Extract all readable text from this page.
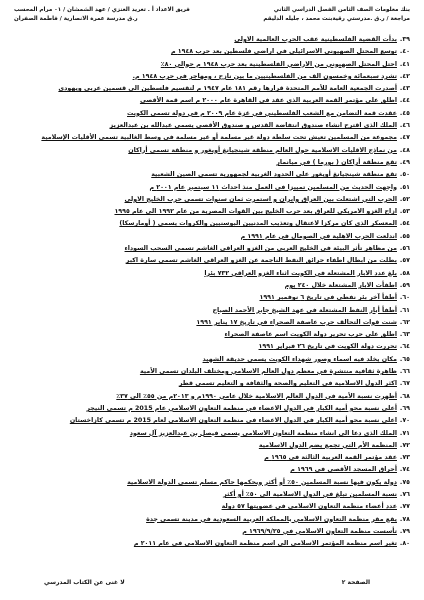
بنك معلومات الصف الثامن الفصل الدراسي الثاني
مراجعة / ر.ق .مدرستي رقيةبنت محمد ، جليله الدليقم
فريق الاعداد أ . تغريد العنزي / عهد الشمشان / ٠١ مرام المحسب
ر.ق مدرسة عمرة الانصارية / فاطمة الصفران
٣٩.بدأت القضية الفلسطينية عقب الحرب العالمية الاولى
٤٠.توسع المحتل الصهيوني الاسرائيلي في اراضي فلسطين بعد حرب ١٩٤٨ م
٤١.احتل المحتل الصهيوني من الاراضي الفلسطينية بعد حرب ١٩٤٨ م حوالي ٨٠٪
٤٢.تشرد سبعمائة وخمسون الف من الفلسطينيين ما بين نازح ، ومهاجر في حرب ١٩٤٨ م.
٤٣.أصدرت الجمعية العامة للأمم المتحدة قرارها رقم ١٨١ عام ١٩٤٧ م لتقسيم فلسطين الى قسمين عربي ويهودي
٤٤.اطلق على مؤتمر القمة العربية الذي عقد في القاهرة عام ٢٠٠٠ م اسم قمة الأقصى
٤٥.عقدت قمة التضامن مع الشعب الفلسطيني في غزة عام ٢٠٠٩ م في دولة تسمى الكويت
٤٦.الملك الذي اقترح انشاء صندوق انتفاضة القدس و صندوق الأقصى يسمى عبدالله بن عبدالعزيز
٤٧.مجموعة من المسلمين تعيش تحت سلطة دولة غير مسلمة أو غير مسلمة في وسط الغالبية تسمى الأقليات الإسلامية
٤٨.من نماذج الاقليات الاسلامية حول العالم منطقة شينجيانغ أويغور و منطقة تسمى أراكان
٤٩.تقع منطقة أراكان ( بورما ) في ميانمار
٥٠.تقع منطقة شينجيانغ أويغور على الحدود الغربية لجمهورية تسمى الصين الشعبية
٥١.واجهت الحديث من المسلمين تمييزا في العمل منذ احداث ١١ سبتمبر عام ٢٠٠١ م
٥٢.الحرب التي اشتعلت بين العراق وايران و استمرت ثمان سنوات تسمى حرب الخليج الاولى
٥٣.ازاح الغزو الامريكي للعراق بعد حرب الخليج بين القوات المصرية من عام ١٩٩٢ الى عام ١٩٩٥
٥٤.المعسكر الذي كان مركزا لاعتقال وتعذيب المدنيين البوسنيين والكروات يسمى ( أومارسكا)
٥٥.اندلعت الحرب الاهلية في الصومال في عام ١٩٩١ م
٥٦.من مظاهر تأثر البيئة في الخليج العربي من الغزو العراقي الغاشم تسمى السحب السوداء
٥٧.بطلت من ابطال اطفاء حرائق النفط الناجمة عن الغزو العراقي الغاشم تسمى سارة اكبر
٥٨.بلغ عدد الابار المشتعلة في الكويت اثناء الغزو العراقي ٧٣٢ بئرا
٥٩.اطفأت الابار المشتعلة خلال ٢٤٠ يوم
٦٠.أطفأ آخر بئر نفطي في تاريخ ٦ نوفمبر ١٩٩١
٦١.أطفأ أبار النفط المشتعلة في عهد الشيخ جابر الأحمد الصباح
٦٢.شنت قوات التحالف حرب عاصفة الصحراء في تاريخ ١٧ يناير ١٩٩١
٦٣.اطلق على حرب تحرير دولة الكويت اسم عاصفة الصحراء
٦٤.تحررت دولة الكويت في تاريخ ٢٦ فبراير ١٩٩١
٦٥.مكان يخلد فيه اسماء وصور شهداء الكويت يسمى حديقة الشهيد
٦٦.ظاهرة ثقافية منتشرة في معظم دول العالم الاسلامي ومختلف البلدان تسمى الأمية
٦٧.اكثر الدول الاسلامية في التعليم والصحة والثقافة و التعليم تسمى قطر
٦٨.أظهرت نسبة الأمية في الدول العالم الاسلامية خلال عامي ١٩٩٠م و ٢٠١٣م من ٥٥٪ الى ٣٧٪
٦٩.أعلى نسبة محو أمية الكبار في الدول الاعضاء في منظمة التعاون الاسلامي عام 2015 م تسمى النيجر
٧٠.اعلى نسبة محو أمية الكبار في الدول الاعضاء في منظمة التعاون الاسلامي لعام 2015 م تسمى كازاخستان
٧١.الملك الذي دعا الى انشاء منظمة التعاون الاسلامي يسمى فيصل بن عبدالعزيز آل سعود
٧٢.المنظمة الأم التي تجمع يضم الدول الاسلامية
٧٣.عقد مؤتمر القمة العربية الثالثة في ١٩٦٥ م
٧٤.أحراق المسجد الأقصى في ١٩٦٩ م
٧٥.دولة يكون فيها نسبة المسلمين ٥٠٪ أو أكثر ويحكمها حاكم مسلم تسمى الدولة الاسلامية
٧٦.نسبة المسلمين تبلغ في الدول الاسلامية الى ٥٠٪ أو أكثر
٧٧.عدد أعضاء منظمة التعاون الاسلامي في عضويتها ٥٧ دولة
٧٨.يقع مقر منظمة التعاون الاسلامي بالمملكة العربية السعودية في مدينة تسمى جدة
٧٩.تأسست منظمة التعاون الاسلامي في ١٩٦٩/٩/٢٥ م
٨٠.تغير اسم منظمة المؤتمر الاسلامي الى اسم منظمة التعاون الاسلامي في عام ٢٠١١ م
الصفحة ٢
لا غنى عن الكتاب المدرسي
